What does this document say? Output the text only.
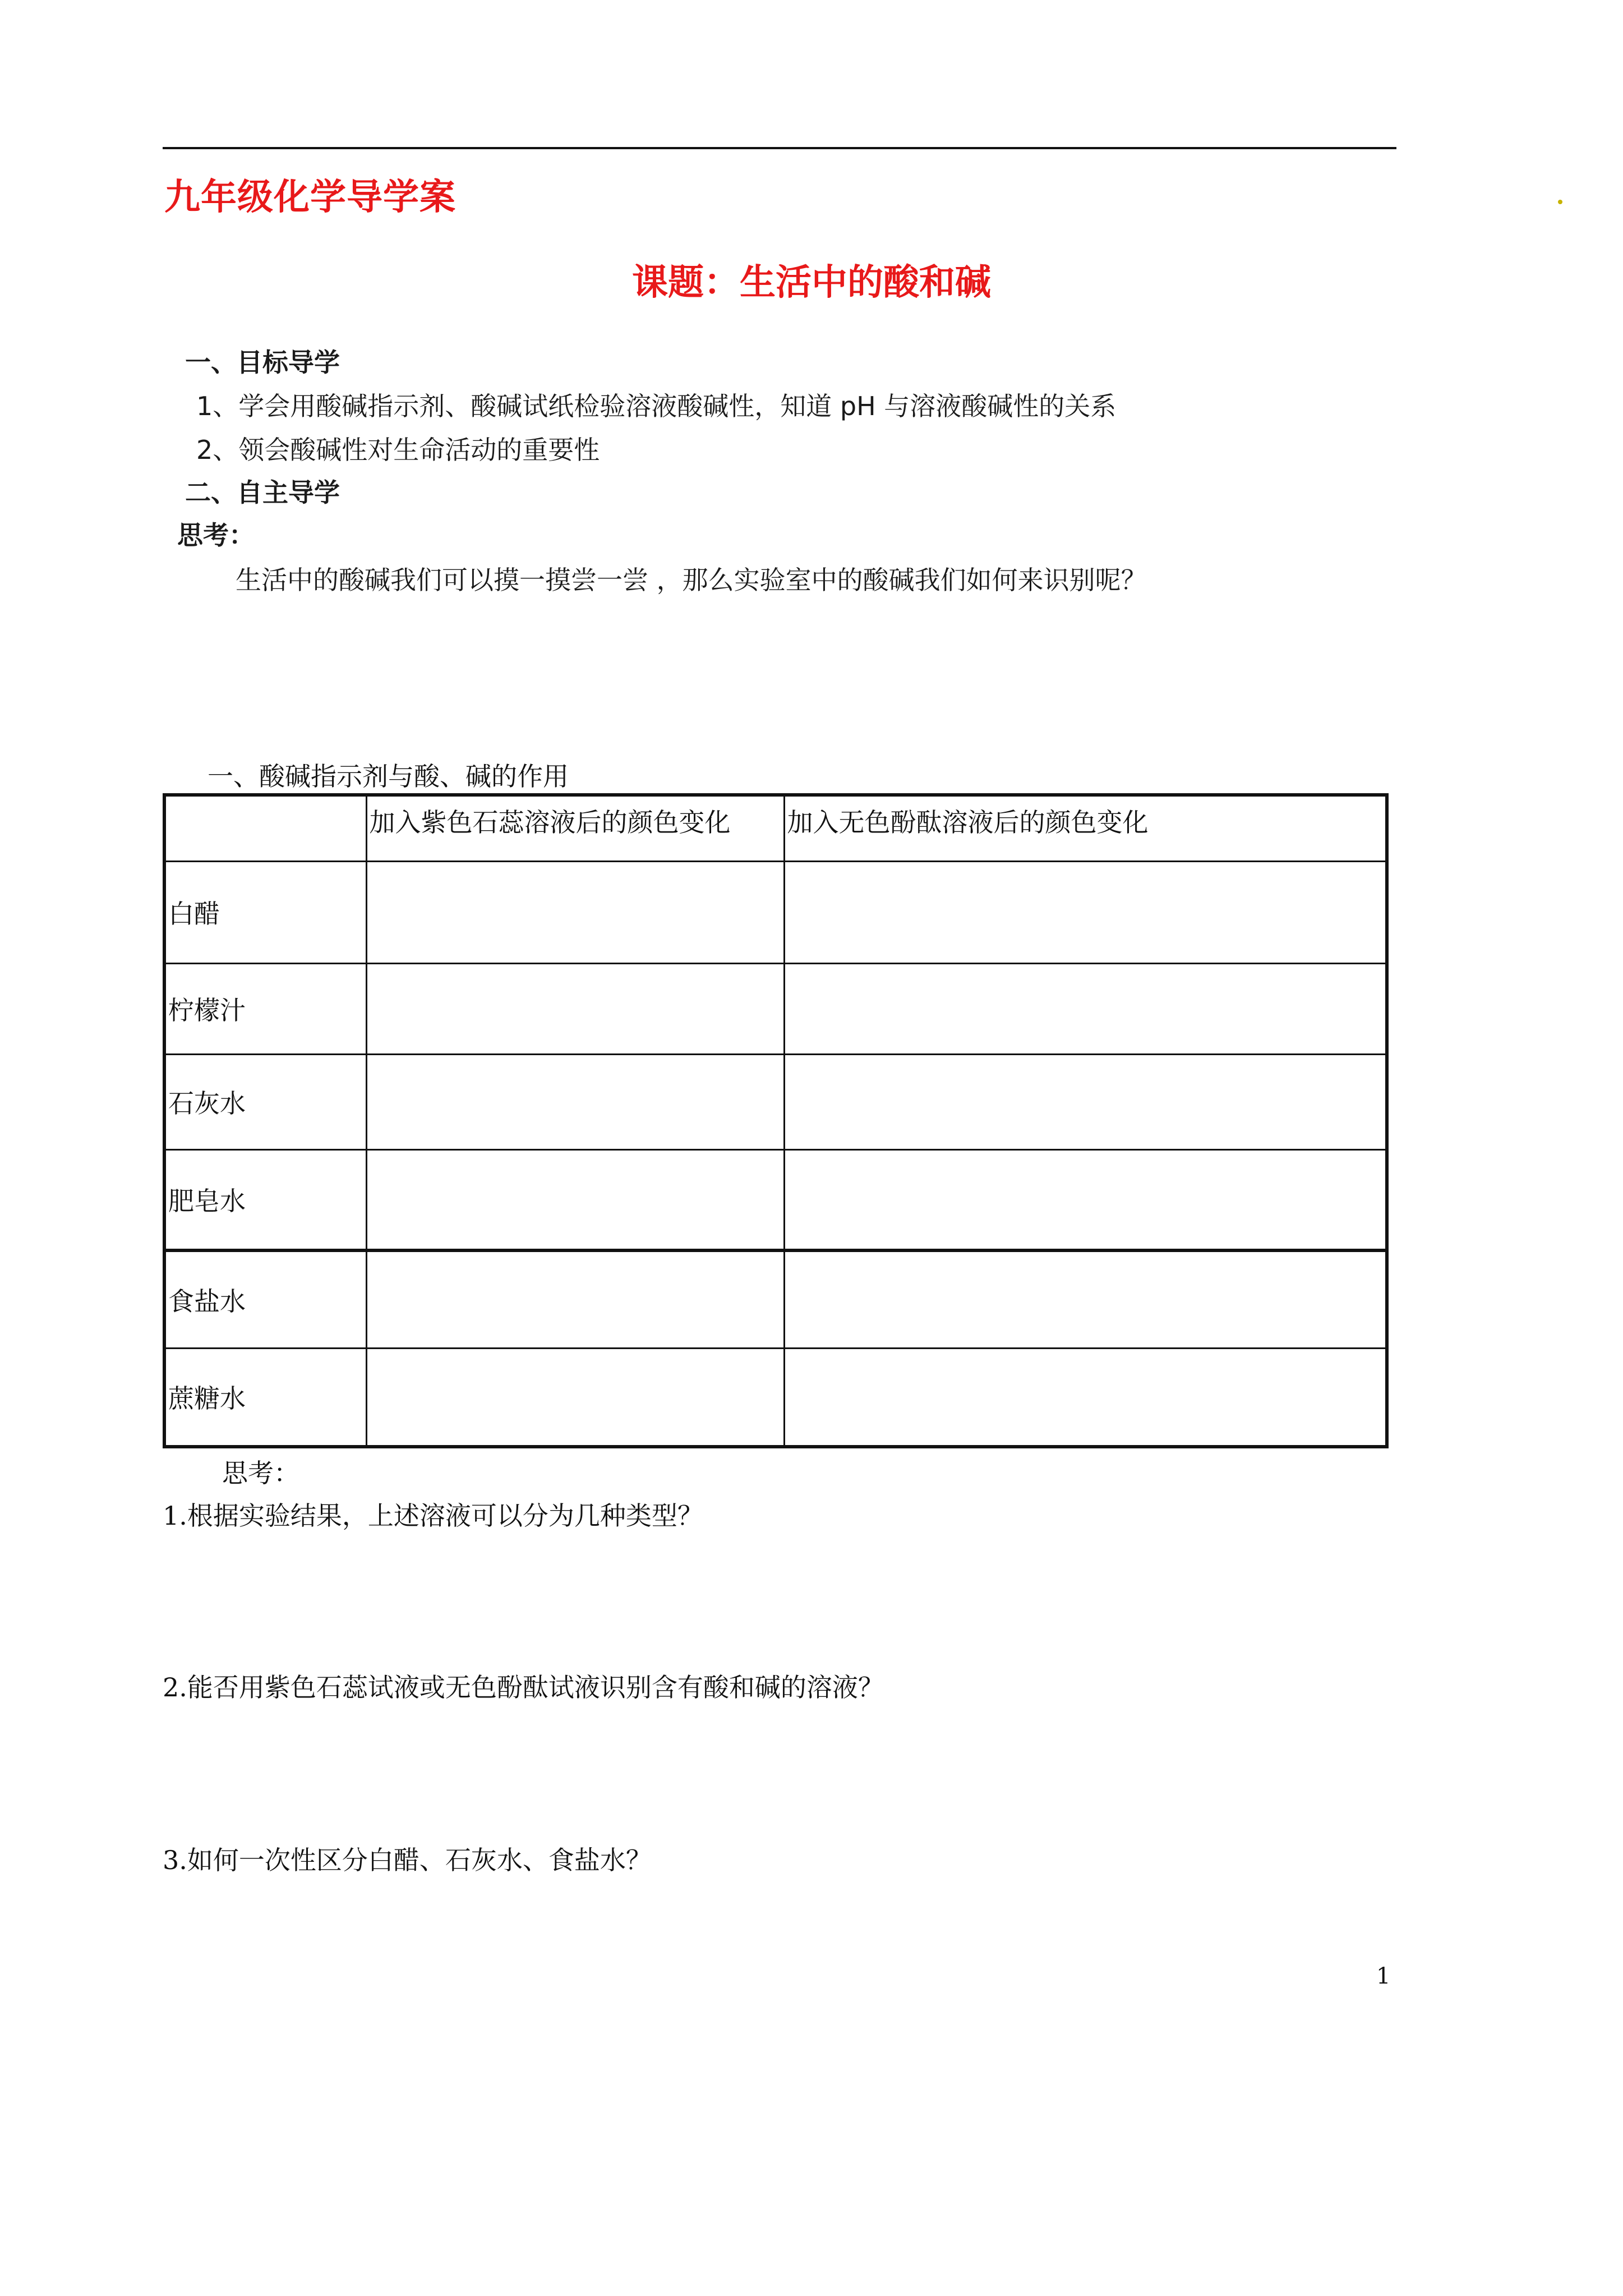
九年级化学导学案
课题：生活中的酸和碱
一、目标导学
1、学会用酸碱指示剂、酸碱试纸检验溶液酸碱性，知道 pH 与溶液酸碱性的关系
2、领会酸碱性对生命活动的重要性
二、自主导学
思考：
生活中的酸碱我们可以摸一摸尝一尝 ，那么实验室中的酸碱我们如何来识别呢？
一、酸碱指示剂与酸、碱的作用
	加入紫色石蕊溶液后的颜色变化	加入无色酚酞溶液后的颜色变化
白醋		
柠檬汁		
石灰水		
肥皂水		
食盐水		
蔗糖水		
思考：
1.根据实验结果，上述溶液可以分为几种类型？
2.能否用紫色石蕊试液或无色酚酞试液识别含有酸和碱的溶液？
3.如何一次性区分白醋、石灰水、食盐水？
1
